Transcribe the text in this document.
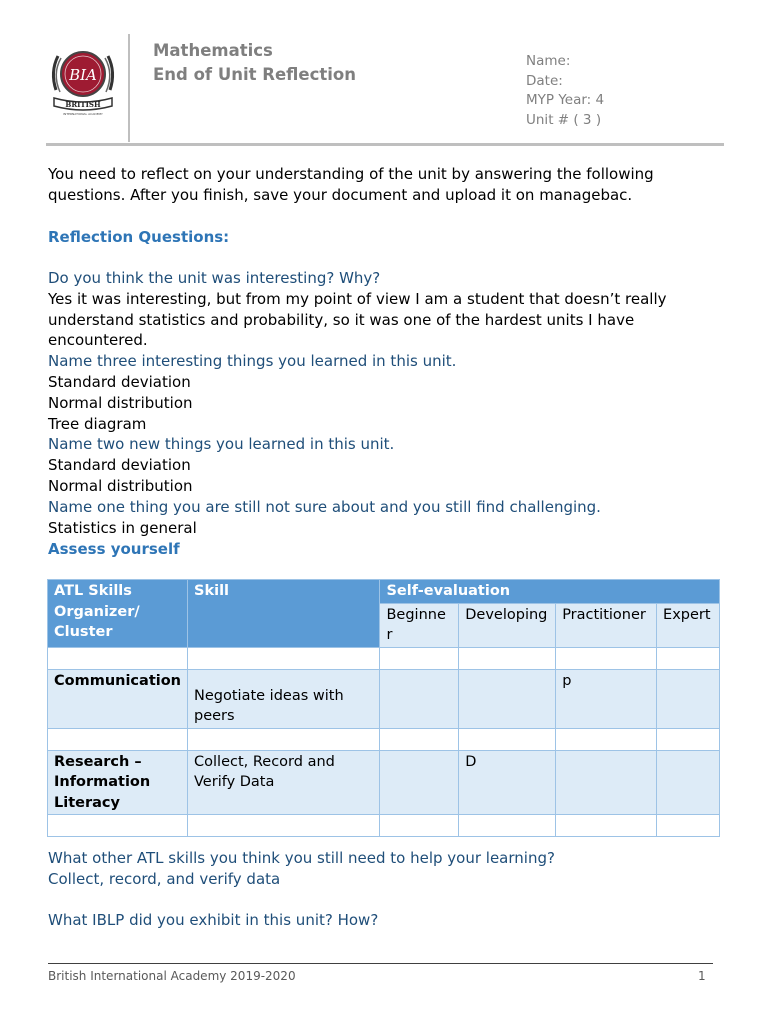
BIA
BRITISH
INTERNATIONAL ACADEMY
Mathematics
End of Unit Reflection
Name:
Date:
MYP Year: 4
Unit # ( 3 )
You need to reflect on your understanding of the unit by answering the following questions. After you finish, save your document and upload it on managebac.
Reflection Questions:
Do you think the unit was interesting? Why?
Yes it was interesting, but from my point of view I am a student that doesn’t really understand statistics and probability, so it was one of the hardest units I have encountered.
Name three interesting things you learned in this unit.
Standard deviation
Normal distribution
Tree diagram
Name two new things you learned in this unit.
Standard deviation
Normal distribution
Name one thing you are still not sure about and you still find challenging.
Statistics in general
Assess yourself
ATL Skills Organizer/ Cluster	Skill	Self-evaluation			
		Beginne r	Developing	Practitioner	Expert

Communication	Negotiate ideas with peers			p	

Research – Information Literacy	Collect, Record and Verify Data		D		

What other ATL skills you think you still need to help your learning?
Collect, record, and verify data
What IBLP did you exhibit in this unit? How?
British International Academy 2019-2020	1
